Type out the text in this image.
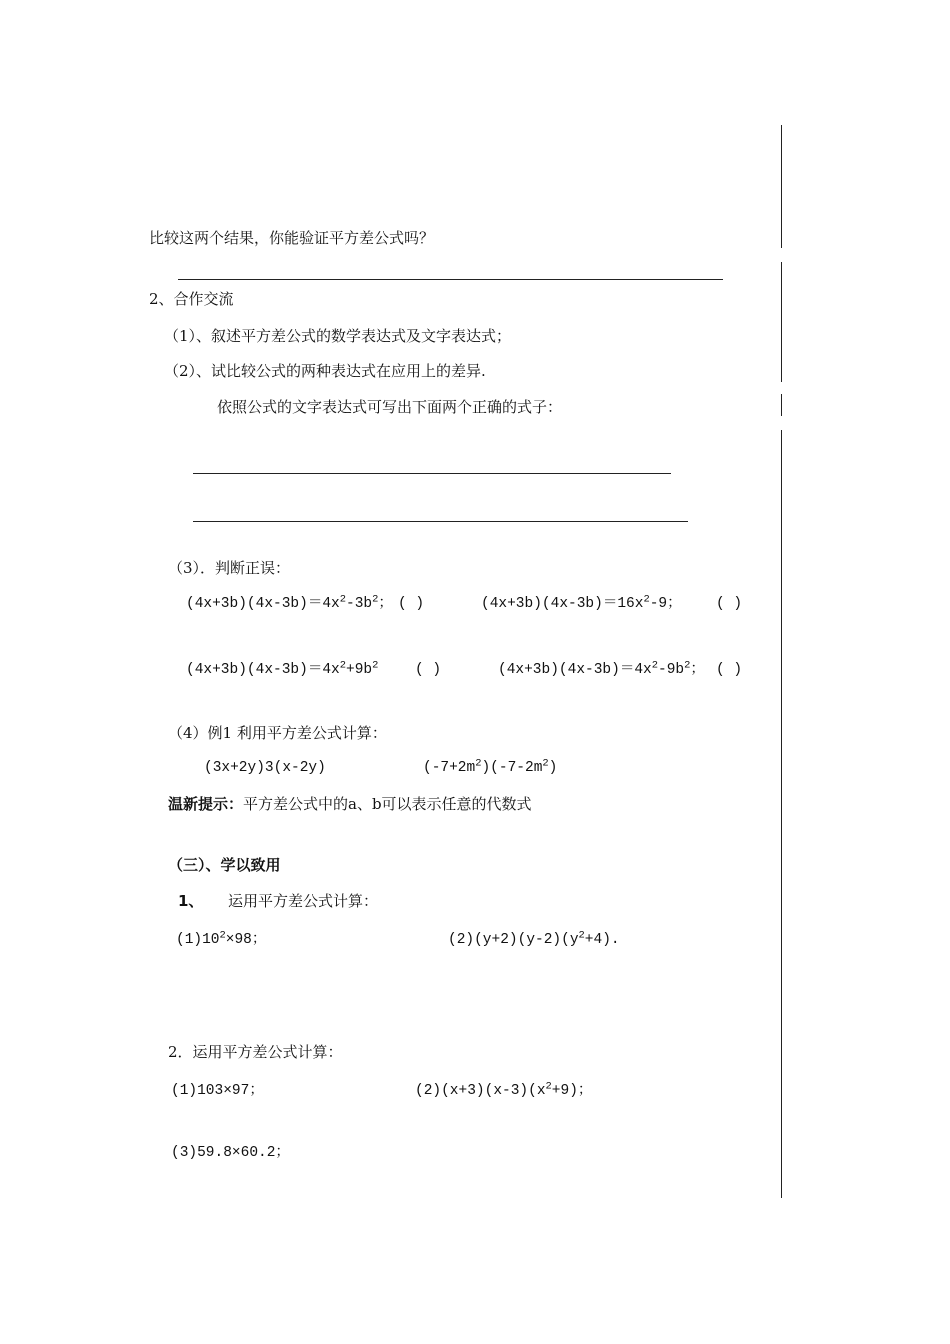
比较这两个结果，你能验证平方差公式吗？
2、合作交流
（1）、叙述平方差公式的数学表达式及文字表达式；
（2）、试比较公式的两种表达式在应用上的差异.
依照公式的文字表达式可写出下面两个正确的式子：
（3）．判断正误：
$(4x+3b)(4x-3b)=4x^2-3b^2$； ( )	$(4x+3b)(4x-3b)=16x^2-9$； ( )
$(4x+3b)(4x-3b)=4x^2+9b^2$	( )	$(4x+3b)(4x-3b)=4x^2-9b^2$； ( )
（4）例1 利用平方差公式计算：
(3x+2y)3(x-2y)	$(-7+2m^2)(-7-2m^2)$
温新提示：平方差公式中的a、b可以表示任意的代数式
（三）、学以致用
1、 运用平方差公式计算：
$(1)10^2\times 98$；	$(2)(y+2)(y-2)(y^2+4)$.
2．运用平方差公式计算：
(1)103×97；	$(2)(x+3)(x-3)(x^2+9)$；
(3)59.8×60.2；
